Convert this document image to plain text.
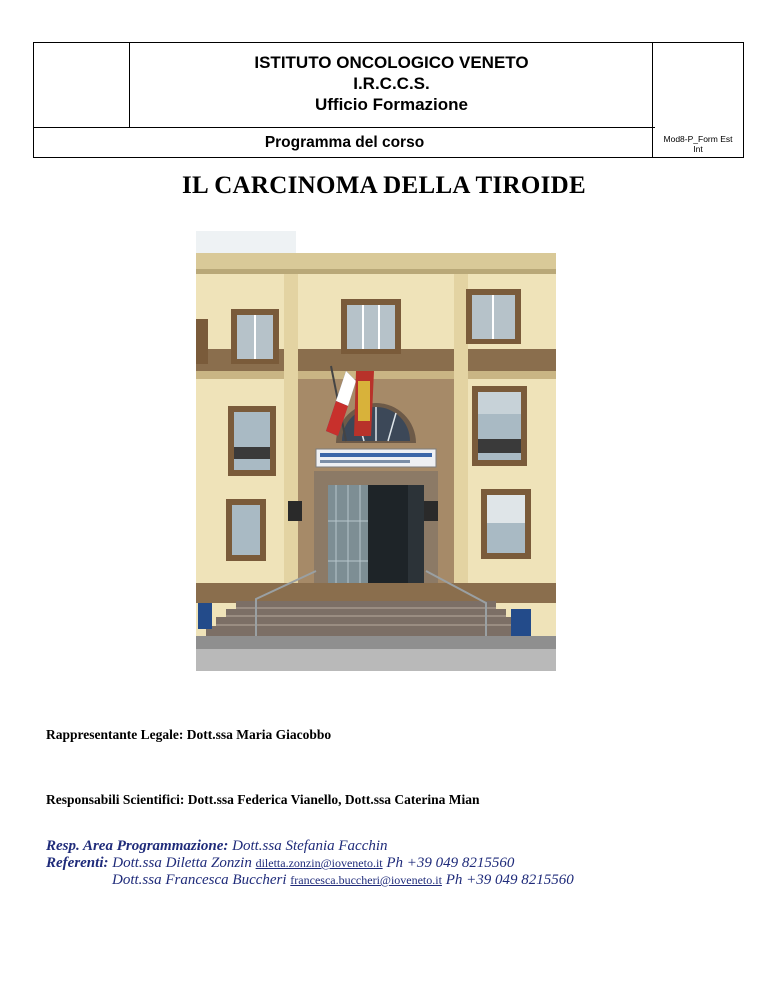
ISTITUTO ONCOLOGICO VENETO
I.R.C.C.S.
Ufficio Formazione
Programma del corso	Mod8-P_Form Est
Int
IL CARCINOMA DELLA TIROIDE
Rappresentante Legale: Dott.ssa Maria Giacobbo
Responsabili Scientifici: Dott.ssa Federica Vianello, Dott.ssa Caterina Mian
Resp. Area Programmazione: Dott.ssa Stefania Facchin
Referenti: Dott.ssa Diletta Zonzin diletta.zonzin@ioveneto.it Ph +39 049 8215560
Dott.ssa Francesca Buccheri francesca.buccheri@ioveneto.it Ph +39 049 8215560
